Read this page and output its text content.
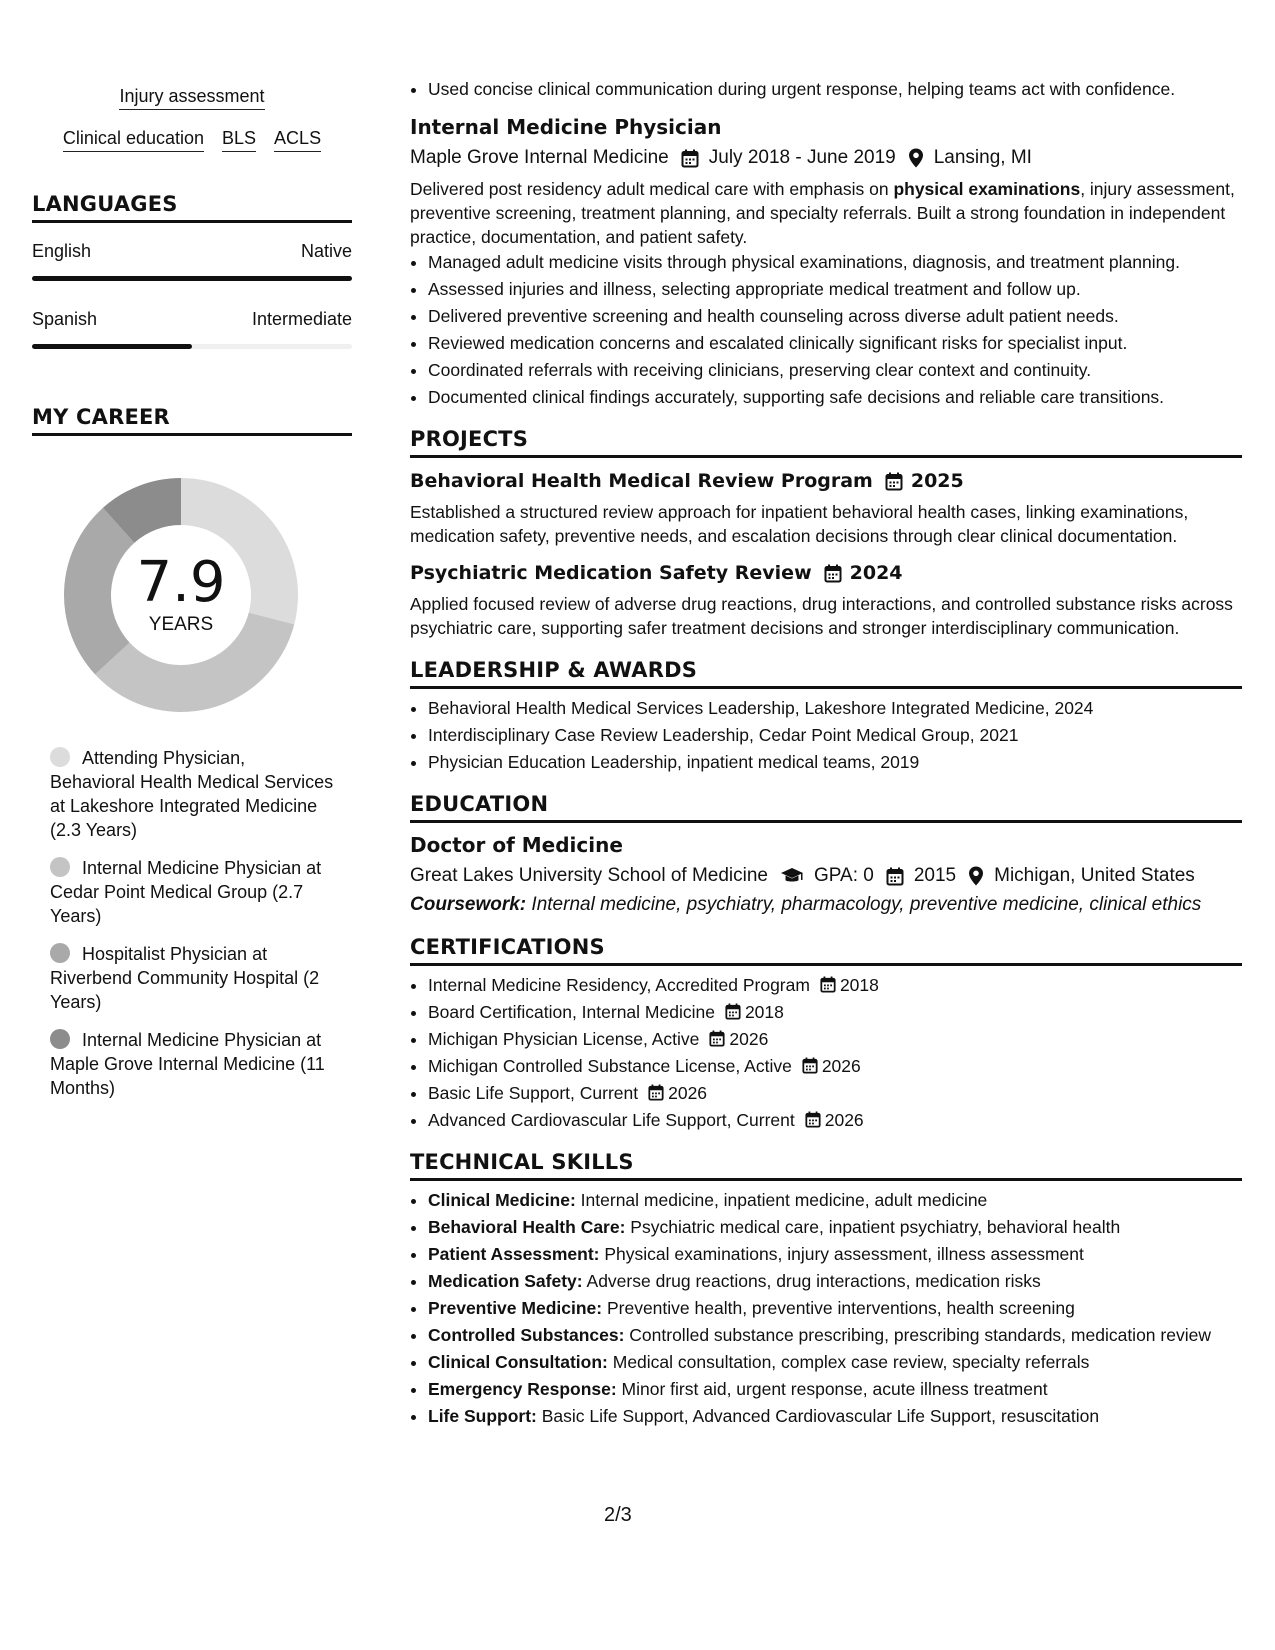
Injury assessment
Clinical education BLS ACLS
LANGUAGES
English	Native
Spanish	Intermediate
MY CAREER
7.9
YEARS
Attending Physician, Behavioral Health Medical Services at Lakeshore Integrated Medicine (2.3 Years)
Internal Medicine Physician at Cedar Point Medical Group (2.7 Years)
Hospitalist Physician at Riverbend Community Hospital (2 Years)
Internal Medicine Physician at Maple Grove Internal Medicine (11 Months)
• Used concise clinical communication during urgent response, helping teams act with confidence.
Internal Medicine Physician
Maple Grove Internal Medicine July 2018 - June 2019 Lansing, MI
Delivered post residency adult medical care with emphasis on physical examinations, injury assessment, preventive screening, treatment planning, and specialty referrals. Built a strong foundation in independent practice, documentation, and patient safety.
• Managed adult medicine visits through physical examinations, diagnosis, and treatment planning.
• Assessed injuries and illness, selecting appropriate medical treatment and follow up.
• Delivered preventive screening and health counseling across diverse adult patient needs.
• Reviewed medication concerns and escalated clinically significant risks for specialist input.
• Coordinated referrals with receiving clinicians, preserving clear context and continuity.
• Documented clinical findings accurately, supporting safe decisions and reliable care transitions.
PROJECTS
Behavioral Health Medical Review Program 2025
Established a structured review approach for inpatient behavioral health cases, linking examinations, medication safety, preventive needs, and escalation decisions through clear clinical documentation.
Psychiatric Medication Safety Review 2024
Applied focused review of adverse drug reactions, drug interactions, and controlled substance risks across psychiatric care, supporting safer treatment decisions and stronger interdisciplinary communication.
LEADERSHIP & AWARDS
• Behavioral Health Medical Services Leadership, Lakeshore Integrated Medicine, 2024
• Interdisciplinary Case Review Leadership, Cedar Point Medical Group, 2021
• Physician Education Leadership, inpatient medical teams, 2019
EDUCATION
Doctor of Medicine
Great Lakes University School of Medicine GPA: 0 2015 Michigan, United States
Coursework: Internal medicine, psychiatry, pharmacology, preventive medicine, clinical ethics
CERTIFICATIONS
• Internal Medicine Residency, Accredited Program 2018
• Board Certification, Internal Medicine 2018
• Michigan Physician License, Active 2026
• Michigan Controlled Substance License, Active 2026
• Basic Life Support, Current 2026
• Advanced Cardiovascular Life Support, Current 2026
TECHNICAL SKILLS
• Clinical Medicine: Internal medicine, inpatient medicine, adult medicine
• Behavioral Health Care: Psychiatric medical care, inpatient psychiatry, behavioral health
• Patient Assessment: Physical examinations, injury assessment, illness assessment
• Medication Safety: Adverse drug reactions, drug interactions, medication risks
• Preventive Medicine: Preventive health, preventive interventions, health screening
• Controlled Substances: Controlled substance prescribing, prescribing standards, medication review
• Clinical Consultation: Medical consultation, complex case review, specialty referrals
• Emergency Response: Minor first aid, urgent response, acute illness treatment
• Life Support: Basic Life Support, Advanced Cardiovascular Life Support, resuscitation
2/3
